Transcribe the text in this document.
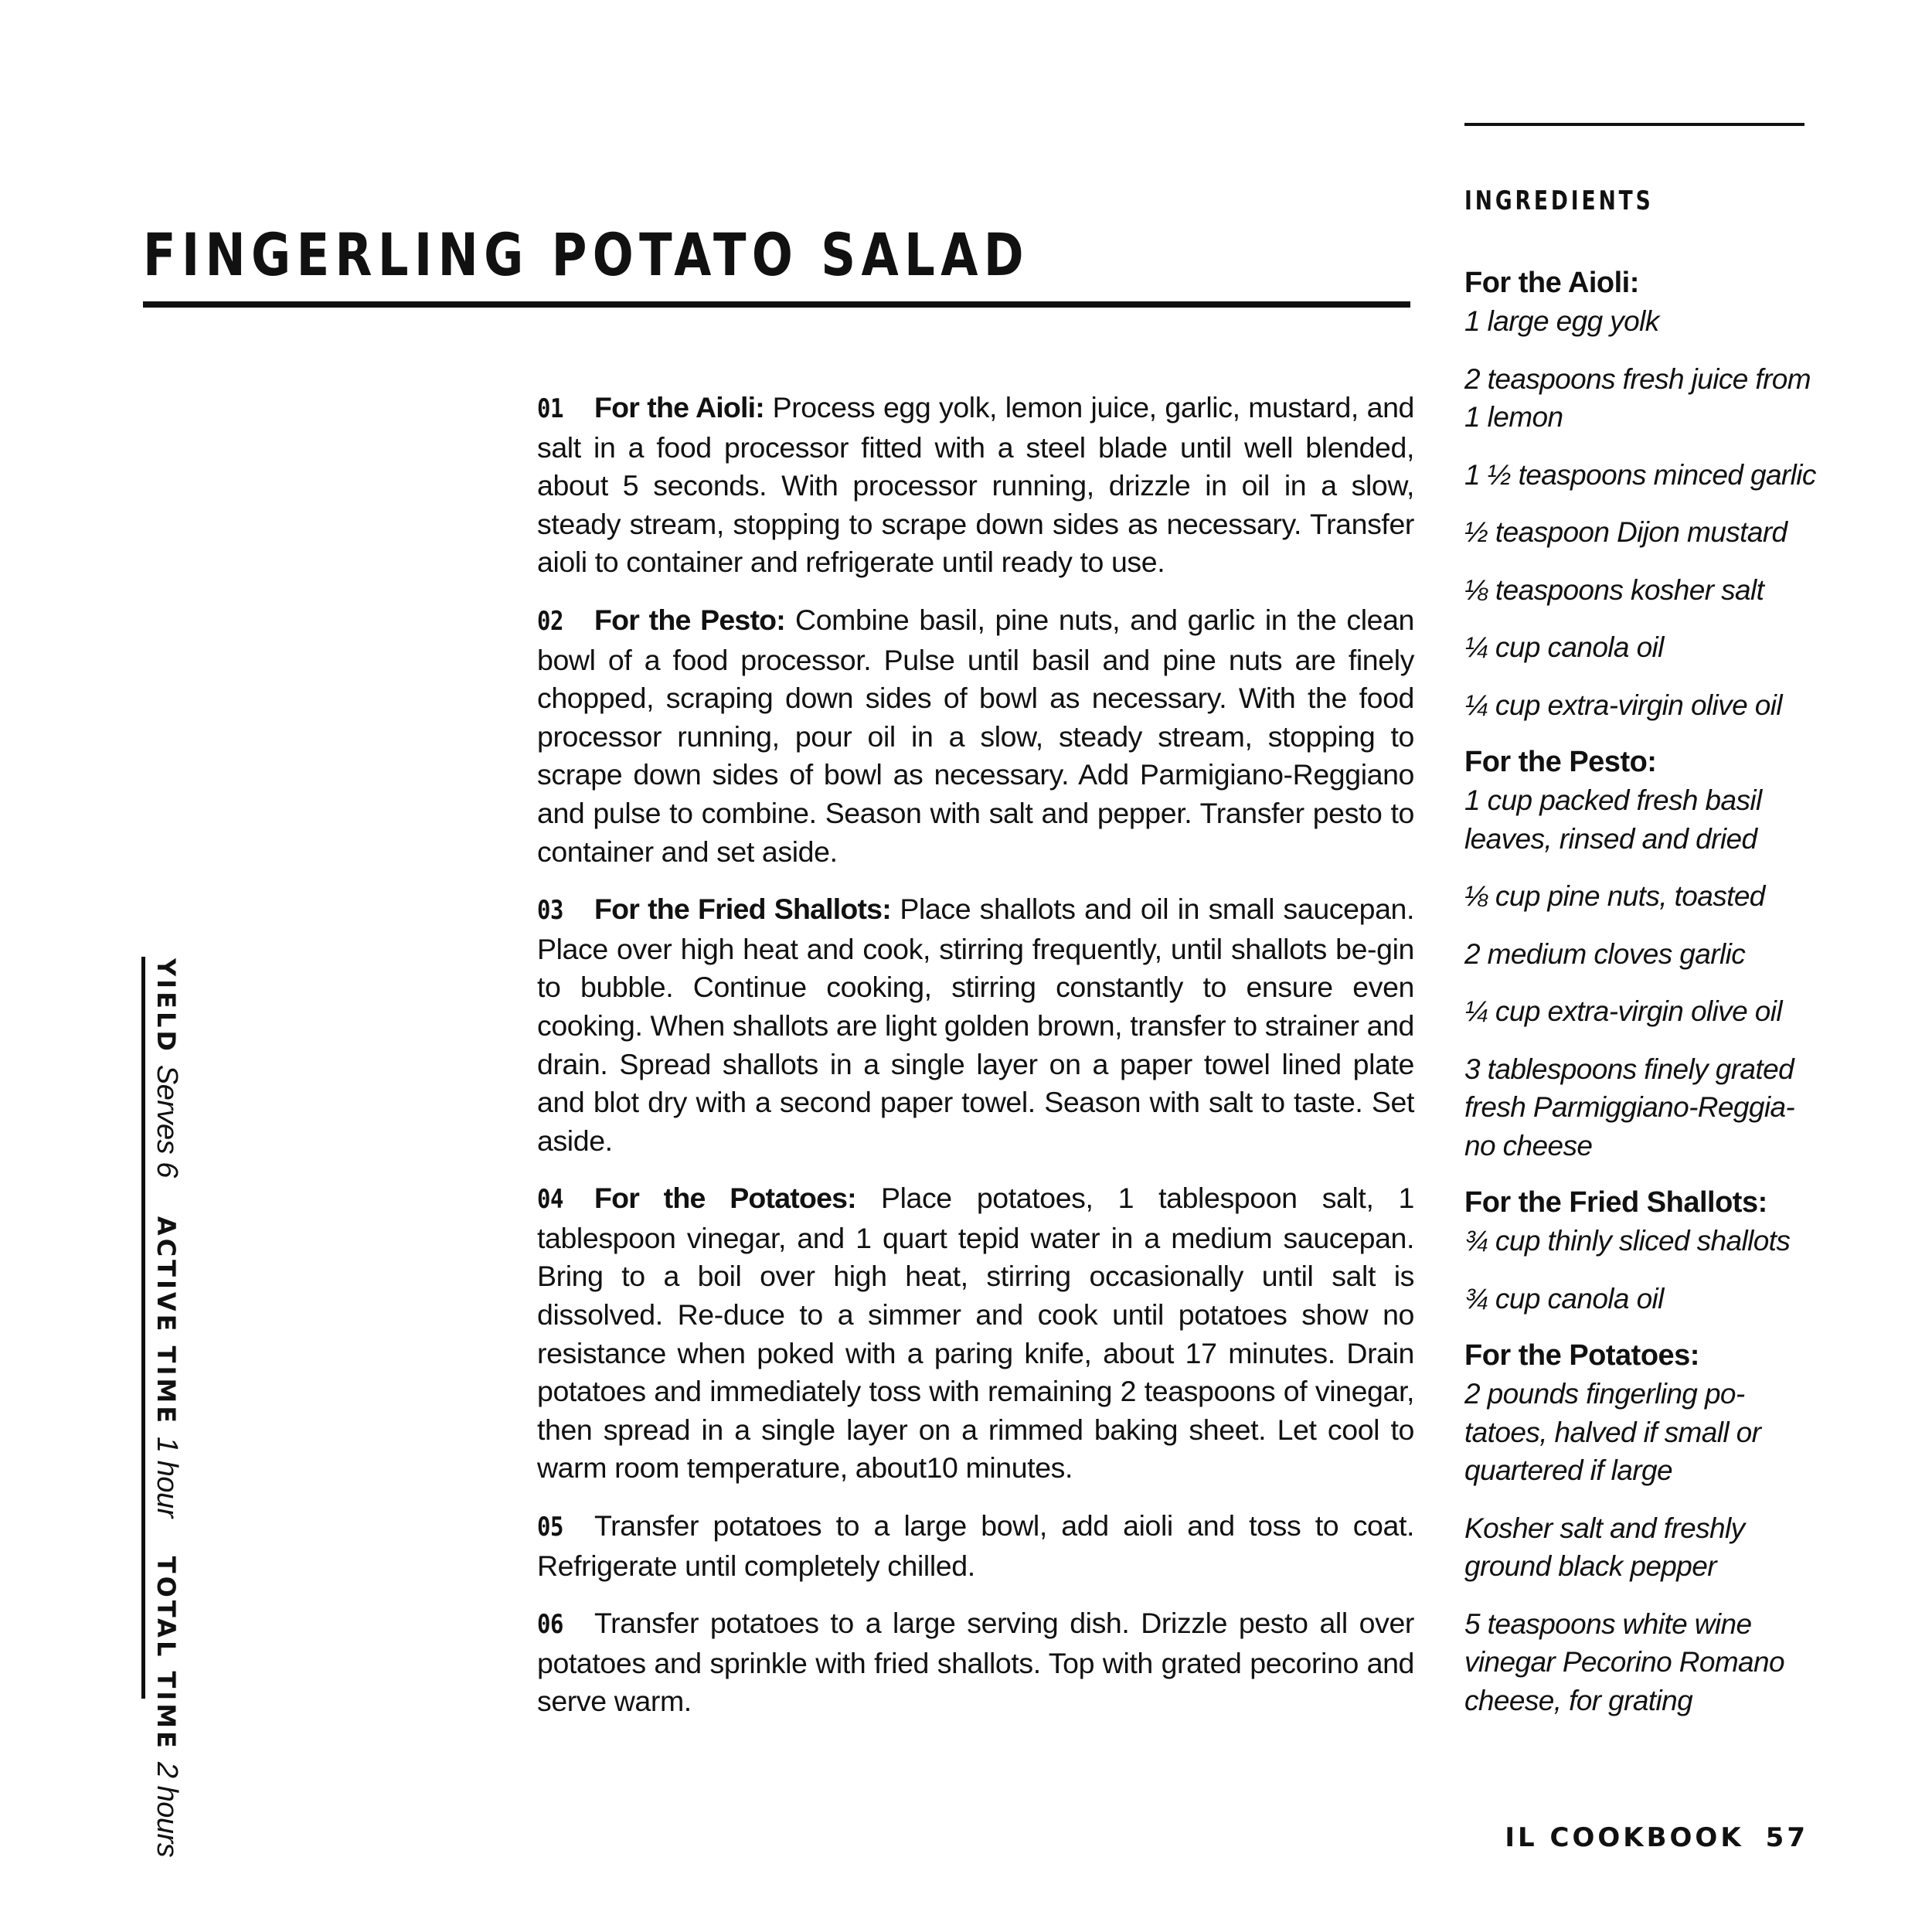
FINGERLING POTATO SALAD
INGREDIENTS

For the Aioli:

1 large egg yolk

2 teaspoons fresh juice from 1 lemon

1 ½ teaspoons minced garlic

½ teaspoon Dijon mustard

⅛ teaspoons kosher salt

¼ cup canola oil

¼ cup extra-virgin olive oil

For the Pesto:

1 cup packed fresh basil leaves, rinsed and dried

⅛ cup pine nuts, toasted

2 medium cloves garlic

¼ cup extra-virgin olive oil

3 tablespoons finely grated fresh Parmiggiano-Reggia-no cheese

For the Fried Shallots:

¾ cup thinly sliced shallots

¾ cup canola oil

For the Potatoes:

2 pounds fingerling po-tatoes, halved if small or quartered if large

Kosher salt and freshly ground black pepper

5 teaspoons white wine vinegar Pecorino Romano cheese, for grating

01 For the Aioli: Process egg yolk, lemon juice, garlic, mustard, and salt in a food processor fitted with a steel blade until well blended, about 5 seconds. With processor running, drizzle in oil in a slow, steady stream, stopping to scrape down sides as necessary. Transfer aioli to container and refrigerate until ready to use.

02 For the Pesto: Combine basil, pine nuts, and garlic in the clean bowl of a food processor. Pulse until basil and pine nuts are finely chopped, scraping down sides of bowl as necessary. With the food processor running, pour oil in a slow, steady stream, stopping to scrape down sides of bowl as necessary. Add Parmigiano-Reggiano and pulse to combine. Season with salt and pepper. Transfer pesto to container and set aside.

03 For the Fried Shallots: Place shallots and oil in small saucepan. Place over high heat and cook, stirring frequently, until shallots be-gin to bubble. Continue cooking, stirring constantly to ensure even cooking. When shallots are light golden brown, transfer to strainer and drain. Spread shallots in a single layer on a paper towel lined plate and blot dry with a second paper towel. Season with salt to taste. Set aside.

04 For the Potatoes: Place potatoes, 1 tablespoon salt, 1 tablespoon vinegar, and 1 quart tepid water in a medium saucepan. Bring to a boil over high heat, stirring occasionally until salt is dissolved. Re-duce to a simmer and cook until potatoes show no resistance when poked with a paring knife, about 17 minutes. Drain potatoes and immediately toss with remaining 2 teaspoons of vinegar, then spread in a single layer on a rimmed baking sheet. Let cool to warm room temperature, about10 minutes.

05 Transfer potatoes to a large bowl, add aioli and toss to coat. Refrigerate until completely chilled.

06 Transfer potatoes to a large serving dish. Drizzle pesto all over potatoes and sprinkle with fried shallots. Top with grated pecorino and serve warm.

YIELDServes 6ACTIVE TIME1 hourTOTAL TIME2 hours	IL COOKBOOK 57
